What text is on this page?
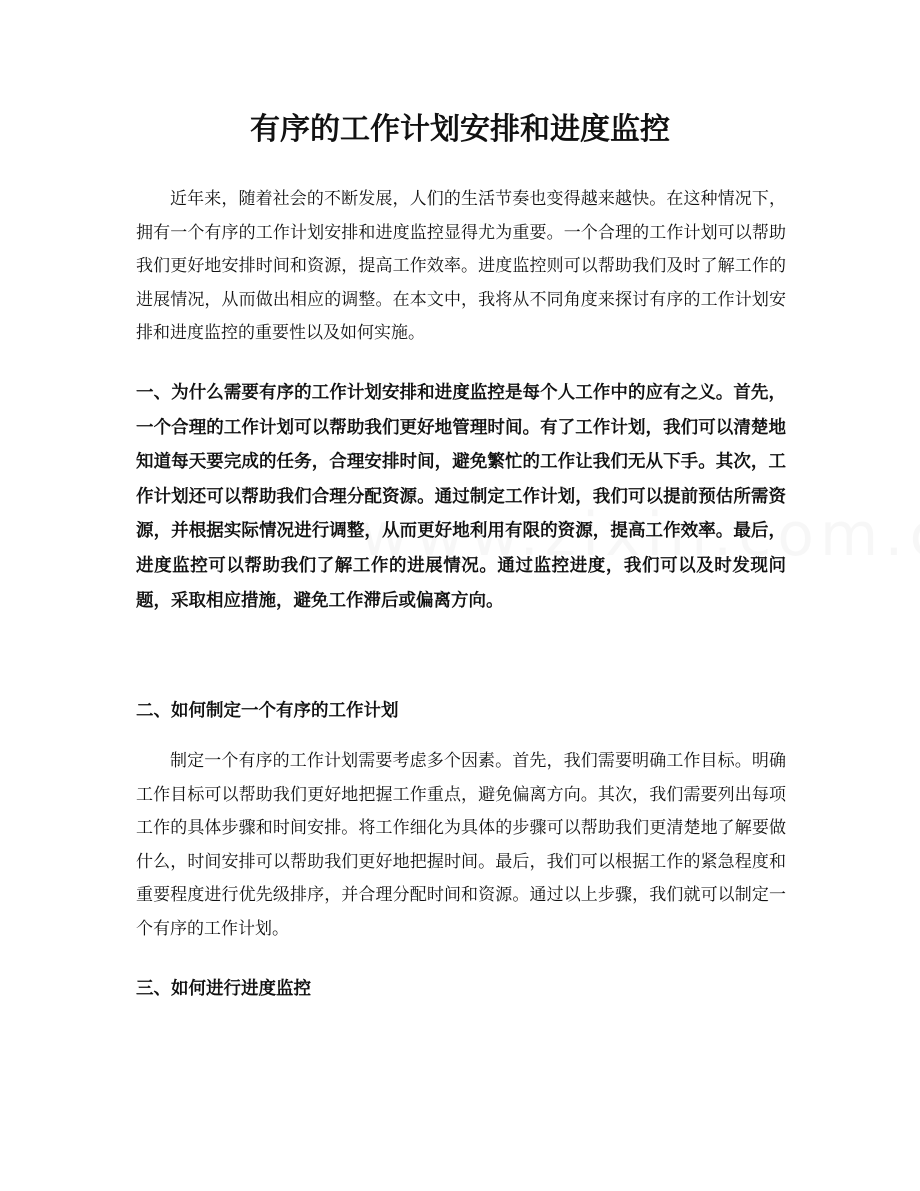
有序的工作计划安排和进度监控

近年来，随着社会的不断发展，人们的生活节奏也变得越来越快。在这种情况下，拥有一个有序的工作计划安排和进度监控显得尤为重要。一个合理的工作计划可以帮助我们更好地安排时间和资源，提高工作效率。进度监控则可以帮助我们及时了解工作的进展情况，从而做出相应的调整。在本文中，我将从不同角度来探讨有序的工作计划安排和进度监控的重要性以及如何实施。

一、为什么需要有序的工作计划安排和进度监控是每个人工作中的应有之义。首先，一个合理的工作计划可以帮助我们更好地管理时间。有了工作计划，我们可以清楚地知道每天要完成的任务，合理安排时间，避免繁忙的工作让我们无从下手。其次，工作计划还可以帮助我们合理分配资源。通过制定工作计划，我们可以提前预估所需资源，并根据实际情况进行调整，从而更好地利用有限的资源，提高工作效率。最后，进度监控可以帮助我们了解工作的进展情况。通过监控进度，我们可以及时发现问题，采取相应措施，避免工作滞后或偏离方向。

二、如何制定一个有序的工作计划

制定一个有序的工作计划需要考虑多个因素。首先，我们需要明确工作目标。明确工作目标可以帮助我们更好地把握工作重点，避免偏离方向。其次，我们需要列出每项工作的具体步骤和时间安排。将工作细化为具体的步骤可以帮助我们更清楚地了解要做什么，时间安排可以帮助我们更好地把握时间。最后，我们可以根据工作的紧急程度和重要程度进行优先级排序，并合理分配时间和资源。通过以上步骤，我们就可以制定一个有序的工作计划。

三、如何进行进度监控
